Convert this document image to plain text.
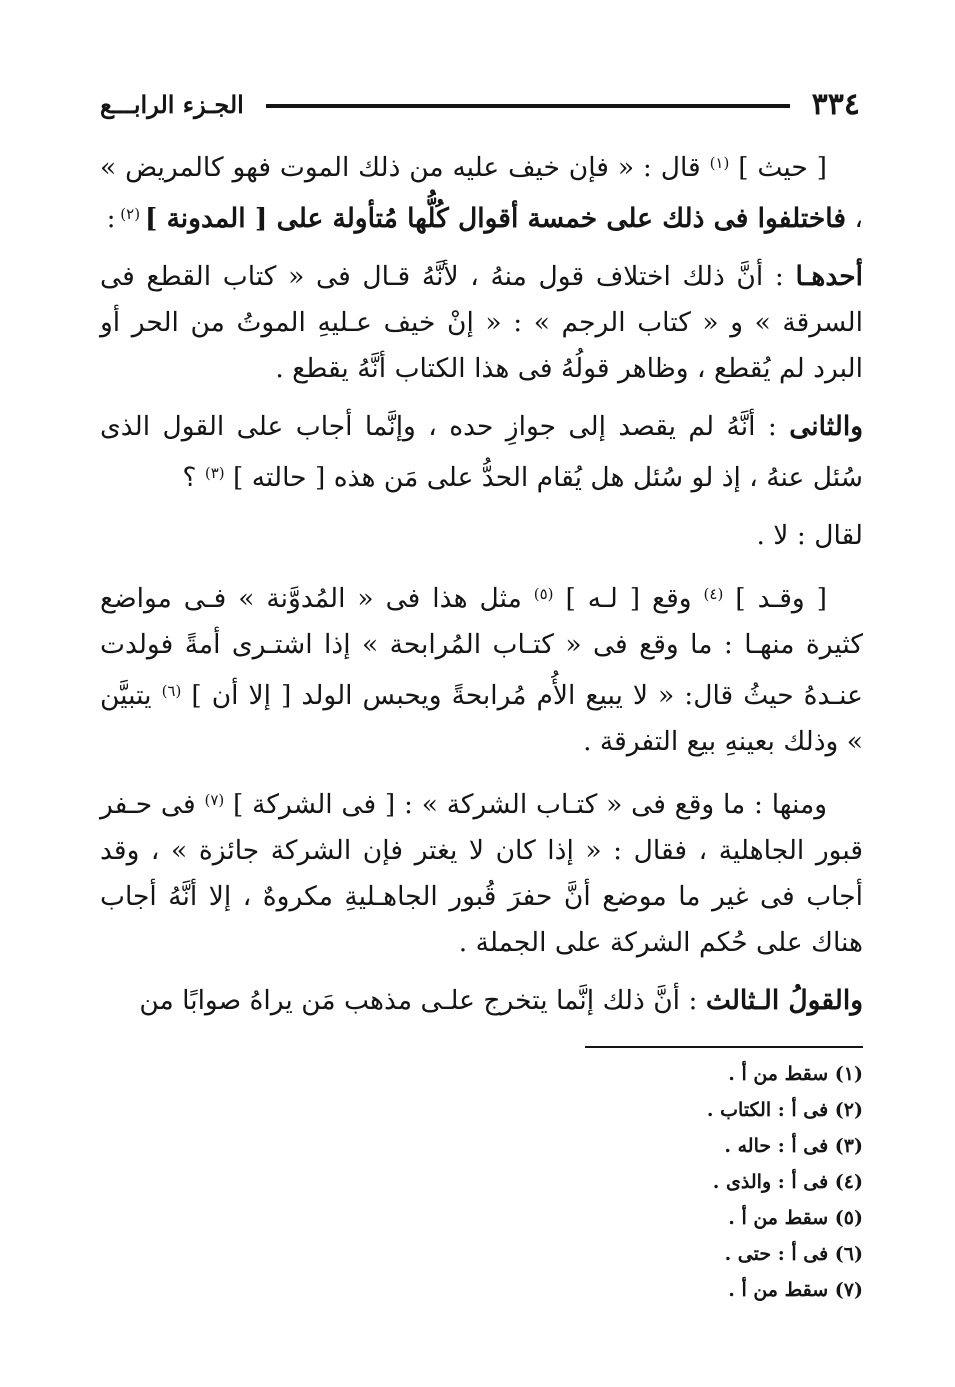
٣٣٤
الجـزء الرابـــع

[ حيث ] $^{(١)}$ قال : « فإن خيف عليه من ذلك الموت فهو كالمريض » ، فاختلفوا فى ذلك على خمسة أقوال كُلُّها مُتأولة على [ المدونة ] $^{(٢)}$ :

أحدهـا : أنَّ ذلك اختلاف قول منهُ ، لأنَّهُ قـال فى « كتاب القطع فى السرقة » و « كتاب الرجم » : « إنْ خيف عـليهِ الموتُ من الحر أو البرد لم يُقطع ، وظاهر قولُهُ فى هذا الكتاب أنَّهُ يقطع .

والثانى : أنَّهُ لم يقصد إلى جوازِ حده ، وإنَّما أجاب على القول الذى سُئل عنهُ ، إذ لو سُئل هل يُقام الحدُّ على مَن هذه [ حالته ] $^{(٣)}$ ؟

لقال : لا .

[ وقـد ] $^{(٤)}$ وقع [ لـه ] $^{(٥)}$ مثل هذا فى « المُدوَّنة » فـى مواضع كثيرة منهـا : ما وقع فى « كتـاب المُرابحة » إذا اشتـرى أمةً فولدت عنـدهُ حيثُ قال: « لا يبيع الأُم مُرابحةً ويحبس الولد [ إلا أن ] $^{(٦)}$ يتبيَّن » وذلك بعينهِ بيع التفرقة .

ومنها : ما وقع فى « كتـاب الشركة » : [ فى الشركة ] $^{(٧)}$ فى حـفر قبور الجاهلية ، فقال : « إذا كان لا يغتر فإن الشركة جائزة » ، وقد أجاب فى غير ما موضع أنَّ حفرَ قُبور الجاهـليةِ مكروهٌ ، إلا أنَّهُ أجاب هناك على حُكم الشركة على الجملة .

والقولُ الـثالث : أنَّ ذلك إنَّما يتخرج علـى مذهب مَن يراهُ صوابًا من

(١) سقط من أ .
(٢) فى أ : الكتاب .
(٣) فى أ : حاله .
(٤) فى أ : والذى .
(٥) سقط من أ .
(٦) فى أ : حتى .
(٧) سقط من أ .
